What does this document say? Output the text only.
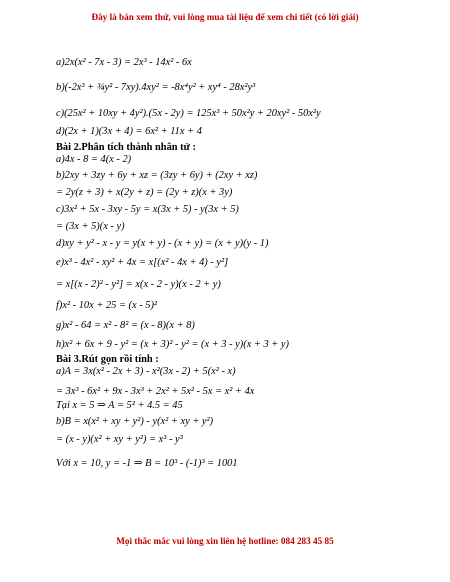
Đây là bản xem thử, vui lòng mua tài liệu để xem chi tiết (có lời giải)
a)2x(x² - 7x - 3) = 2x³ - 14x² - 6x
b)(-2x³ + ¾y² - 7xy).4xy² = -8x⁴y² + xy⁴ - 28x²y³
c)(25x² + 10xy + 4y²).(5x - 2y) = 125x³ + 50x²y + 20xy² - 50x²y
d)(2x + 1)(3x + 4) = 6x² + 11x + 4
Bài 2.Phân tích thành nhân tử :
a)4x - 8 = 4(x - 2)
b)2xy + 3zy + 6y + xz = (3zy + 6y) + (2xy + xz)
= 2y(z + 3) + x(2y + z) = (2y + z)(x + 3y)
c)3x² + 5x - 3xy - 5y = x(3x + 5) - y(3x + 5)
= (3x + 5)(x - y)
d)xy + y² - x - y = y(x + y) - (x + y) = (x + y)(y - 1)
e)x³ - 4x² - xy² + 4x = x[(x² - 4x + 4) - y²]
= x[(x - 2)² - y²] = x(x - 2 - y)(x - 2 + y)
f)x² - 10x + 25 = (x - 5)²
g)x² - 64 = x² - 8² = (x - 8)(x + 8)
h)x² + 6x + 9 - y² = (x + 3)² - y² = (x + 3 - y)(x + 3 + y)
Bài 3.Rút gọn rồi tính :
a)A = 3x(x² - 2x + 3) - x²(3x - 2) + 5(x² - x)
= 3x³ - 6x² + 9x - 3x³ + 2x² + 5x² - 5x = x² + 4x
Tại x = 5 ⇒ A = 5² + 4.5 = 45
b)B = x(x² + xy + y²) - y(x² + xy + y²)
= (x - y)(x² + xy + y²) = x³ - y³
Với x = 10, y = -1 ⇒ B = 10³ - (-1)³ = 1001
Mọi thắc mắc vui lòng xin liên hệ hotline: 084 283 45 85
